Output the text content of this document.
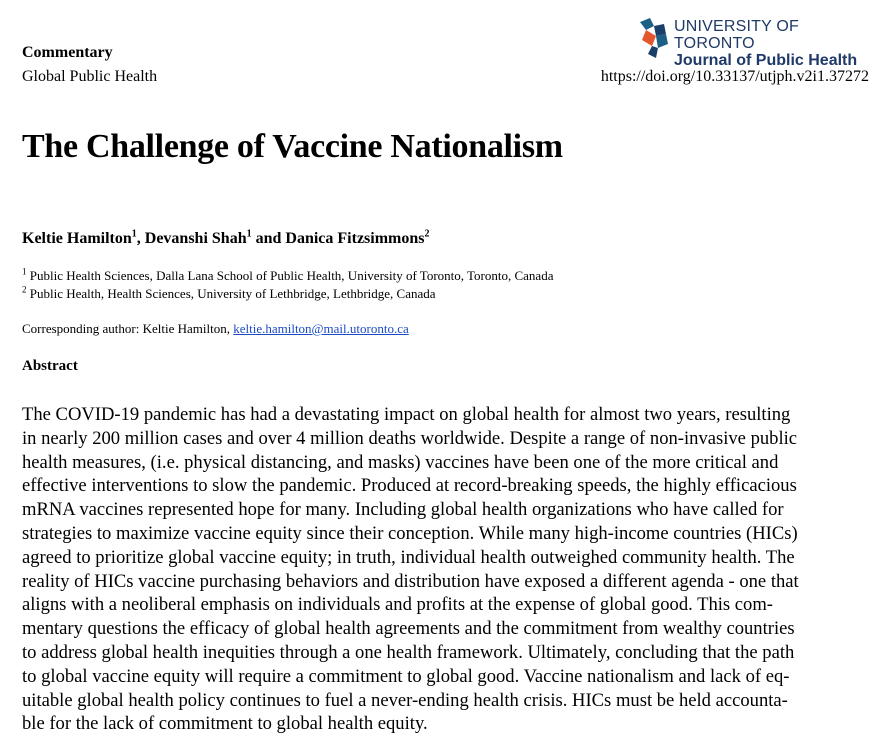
Commentary
Global Public Health	https://doi.org/10.33137/utjph.v2i1.37272
UNIVERSITY OF TORONTO
Journal of Public Health
The Challenge of Vaccine Nationalism
Keltie Hamilton$^1$, Devanshi Shah$^1$ and Danica Fitzsimmons$^2$
$^1$ Public Health Sciences, Dalla Lana School of Public Health, University of Toronto, Toronto, Canada
$^2$ Public Health, Health Sciences, University of Lethbridge, Lethbridge, Canada
Corresponding author: Keltie Hamilton, keltie.hamilton@mail.utoronto.ca
Abstract

The COVID-19 pandemic has had a devastating impact on global health for almost two years, resulting
in nearly 200 million cases and over 4 million deaths worldwide. Despite a range of non-invasive public
health measures, (i.e. physical distancing, and masks) vaccines have been one of the more critical and
effective interventions to slow the pandemic. Produced at record-breaking speeds, the highly efficacious
mRNA vaccines represented hope for many. Including global health organizations who have called for
strategies to maximize vaccine equity since their conception. While many high-income countries (HICs)
agreed to prioritize global vaccine equity; in truth, individual health outweighed community health. The
reality of HICs vaccine purchasing behaviors and distribution have exposed a different agenda - one that
aligns with a neoliberal emphasis on individuals and profits at the expense of global good. This com-
mentary questions the efficacy of global health agreements and the commitment from wealthy countries
to address global health inequities through a one health framework. Ultimately, concluding that the path
to global vaccine equity will require a commitment to global good. Vaccine nationalism and lack of eq-
uitable global health policy continues to fuel a never-ending health crisis. HICs must be held accounta-
ble for the lack of commitment to global health equity.
